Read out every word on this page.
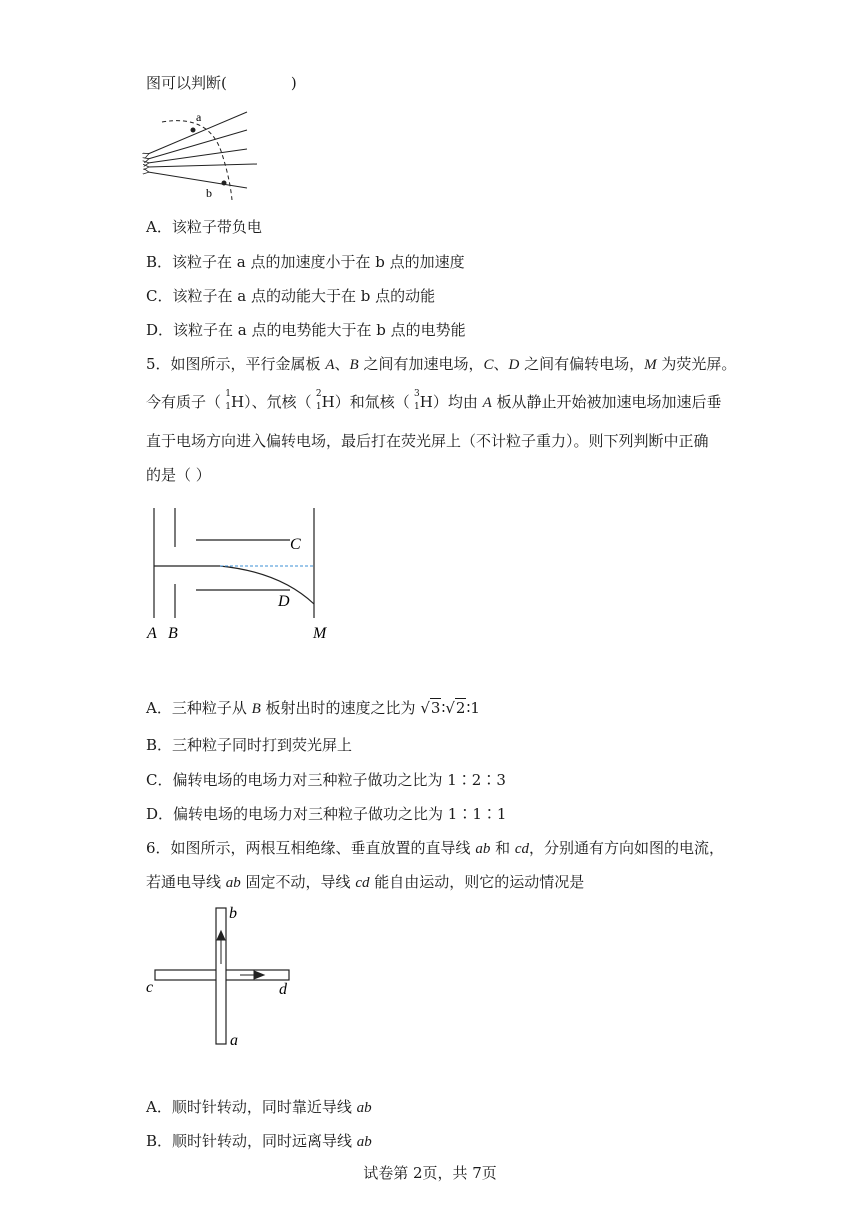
图可以判断(	)
a
b
A．该粒子带负电
B．该粒子在 a 点的加速度小于在 b 点的加速度
C．该粒子在 a 点的动能大于在 b 点的动能
D．该粒子在 a 点的电势能大于在 b 点的电势能
5．如图所示，平行金属板 A、B 之间有加速电场，C、D 之间有偏转电场，M 为荧光屏。
今有质子（ 1
1 H）、氘核（ 2
1 H）和氚核（ 3
1 H）均由 A 板从静止开始被加速电场加速后垂
直于电场方向进入偏转电场，最后打在荧光屏上（不计粒子重力）。则下列判断中正确
的是（ ）
C
D
A B	M
A．三种粒子从 B 板射出时的速度之比为 √3∶√2∶1
B．三种粒子同时打到荧光屏上
C．偏转电场的电场力对三种粒子做功之比为 1∶2∶3
D．偏转电场的电场力对三种粒子做功之比为 1∶1∶1
6．如图所示，两根互相绝缘、垂直放置的直导线 ab 和 cd，分别通有方向如图的电流，
若通电导线 ab 固定不动，导线 cd 能自由运动，则它的运动情况是
b
a
c	d
A．顺时针转动，同时靠近导线 ab
B．顺时针转动，同时远离导线 ab
试卷第 2页，共 7页
